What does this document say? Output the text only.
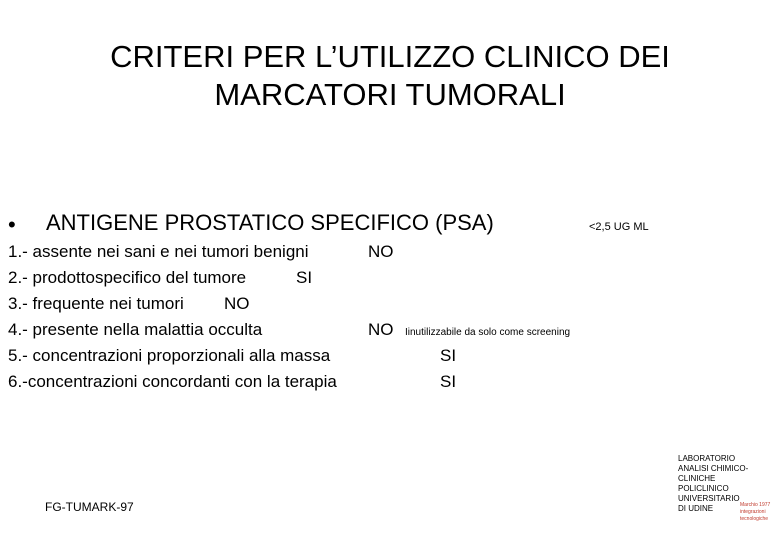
CRITERI PER L’UTILIZZO CLINICO DEI
MARCATORI TUMORALI
• ANTIGENE PROSTATICO SPECIFICO (PSA)	<2,5 UG ML
1.- assente nei sani e nei tumori benigni	NO
2.- prodottospecifico del tumore	SI
3.- frequente nei tumori NO
4.- presente nella malattia occulta	NO Iinutilizzabile da solo come screening
5.- concentrazioni proporzionali alla massa	SI
6.-concentrazioni concordanti con la terapia	SI
FG-TUMARK-97
LABORATORIO
ANALISI CHIMICO-
CLINICHE
POLICLINICO
UNIVERSITARIO
DI UDINE	Marchio 1977
integrazioni
tecnologiche
